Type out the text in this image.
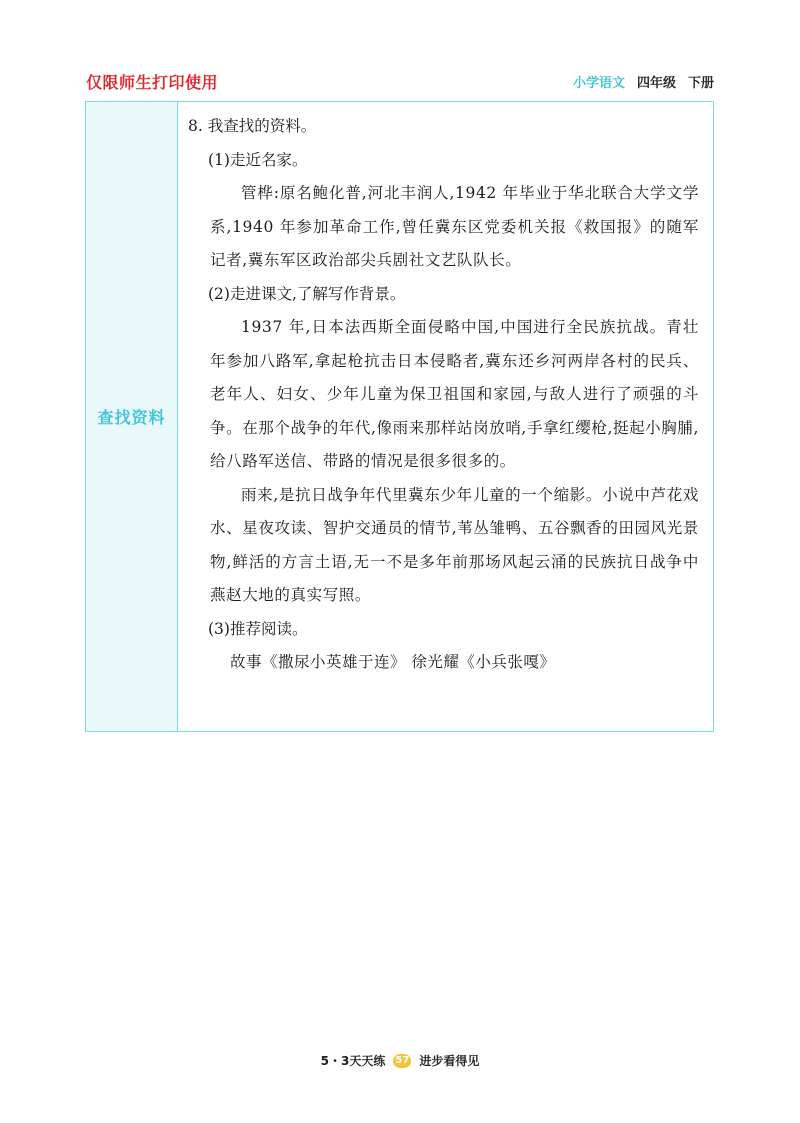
仅限师生打印使用	小学语文 四年级 下册
查找资料
8. 我查找的资料。
(1)走近名家。
管桦:原名鲍化普,河北丰润人,1942 年毕业于华北联合大学文学系,1940 年参加革命工作,曾任冀东区党委机关报《救国报》的随军记者,冀东军区政治部尖兵剧社文艺队队长。
(2)走进课文,了解写作背景。
1937 年,日本法西斯全面侵略中国,中国进行全民族抗战。青壮年参加八路军,拿起枪抗击日本侵略者,冀东还乡河两岸各村的民兵、老年人、妇女、少年儿童为保卫祖国和家园,与敌人进行了顽强的斗争。在那个战争的年代,像雨来那样站岗放哨,手拿红缨枪,挺起小胸脯,给八路军送信、带路的情况是很多很多的。
雨来,是抗日战争年代里冀东少年儿童的一个缩影。小说中芦花戏水、星夜攻读、智护交通员的情节,苇丛雏鸭、五谷飘香的田园风光景物,鲜活的方言土语,无一不是多年前那场风起云涌的民族抗日战争中燕赵大地的真实写照。
(3)推荐阅读。
故事《撒尿小英雄于连》 徐光耀《小兵张嘎》
5・3天天练 57 进步看得见
